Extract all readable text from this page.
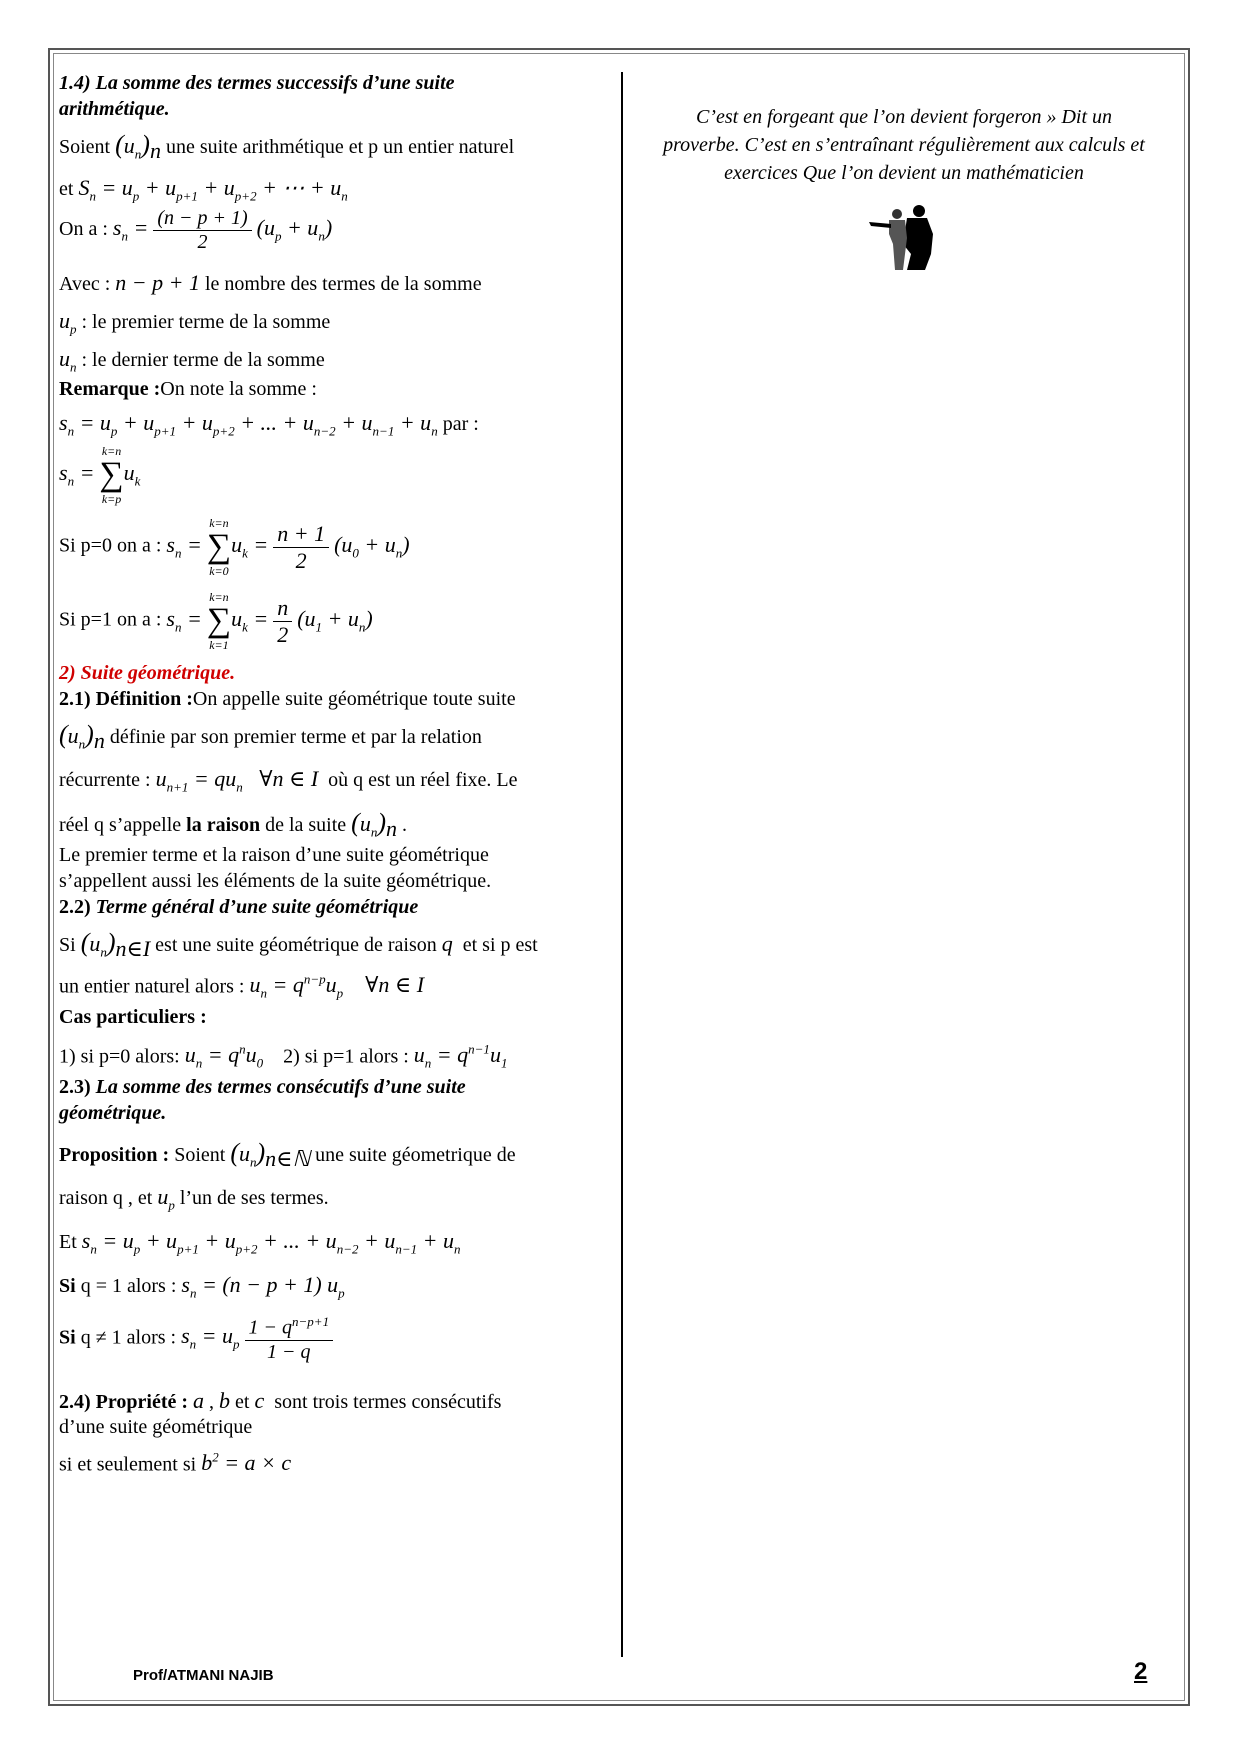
1.4) La somme des termes successifs d’une suite
arithmétique.
Soient $(u_n)_n$ une suite arithmétique et p un entier naturel
et $S_n = u_p + u_{p+1} + u_{p+2}$ + ⋯ + $u_n$
On a : $s_n = \frac{(n - p + 1)}{2} (u_p + u_n)$
Avec : n − p + 1 le nombre des termes de la somme
$u_p$ : le premier terme de la somme
$u_n$ : le dernier terme de la somme
Remarque :On note la somme :
$s_n = u_p + u_{p+1} + u_{p+2}$ + ... + $u_{n-2} + u_{n-1} + u_n$ par :
$s_n$ =
k=n
∑
k=p
$u_k$
Si p=0 on a : $s_n$ =
k=n
∑
k=0
$u_k = \frac{n + 1}{2} (u_0 + u_n)$
Si p=1 on a : $s_n$ =
k=n
∑
k=1
$u_k = \frac{n}{2} (u_1 + u_n)$
2) Suite géométrique.
2.1) Définition :On appelle suite géométrique toute suite
$(u_n)_n$ définie par son premier terme et par la relation
récurrente : $u_{n+1} = qu_n$   ∀n ∈ I où q est un réel fixe. Le
réel q s’appelle la raison de la suite $(u_n)_n$ .
Le premier terme et la raison d’une suite géométrique
s’appellent aussi les éléments de la suite géométrique.
2.2) Terme général d’une suite géométrique
Si $(u_n)_{n\in I}$ est une suite géométrique de raison q et si p est
un entier naturel alors : $u_n = q^{n-p}u_p$    ∀n ∈ I
Cas particuliers :
1) si p=0 alors: $u_n = q^nu_0$ 2) si p=1 alors : $u_n = q^{n-1}u_1$
2.3) La somme des termes consécutifs d’une suite
géométrique.
Proposition : Soient $(u_n)_{n\in ℕ}$ une suite géometrique de
raison q , et $u_p$ l’un de ses termes.
Et $s_n = u_p + u_{p+1} + u_{p+2}$ + ... + $u_{n-2} + u_{n-1} + u_n$
Si q = 1 alors : $s_n = (n - p + 1)$ $u_p$
Si q ≠ 1 alors : $s_n = u_p \frac{1 - q^{n-p+1}}{1 - q}$
2.4) Propriété : a , b et c sont trois termes consécutifs
d’une suite géométrique
si et seulement si $b^2 = a \times c$
C’est en forgeant que l’on devient forgeron » Dit un
proverbe. C’est en s’entraînant régulièrement aux calculs et
exercices Que l’on devient un mathématicien
Prof/ATMANI NAJIB	2
